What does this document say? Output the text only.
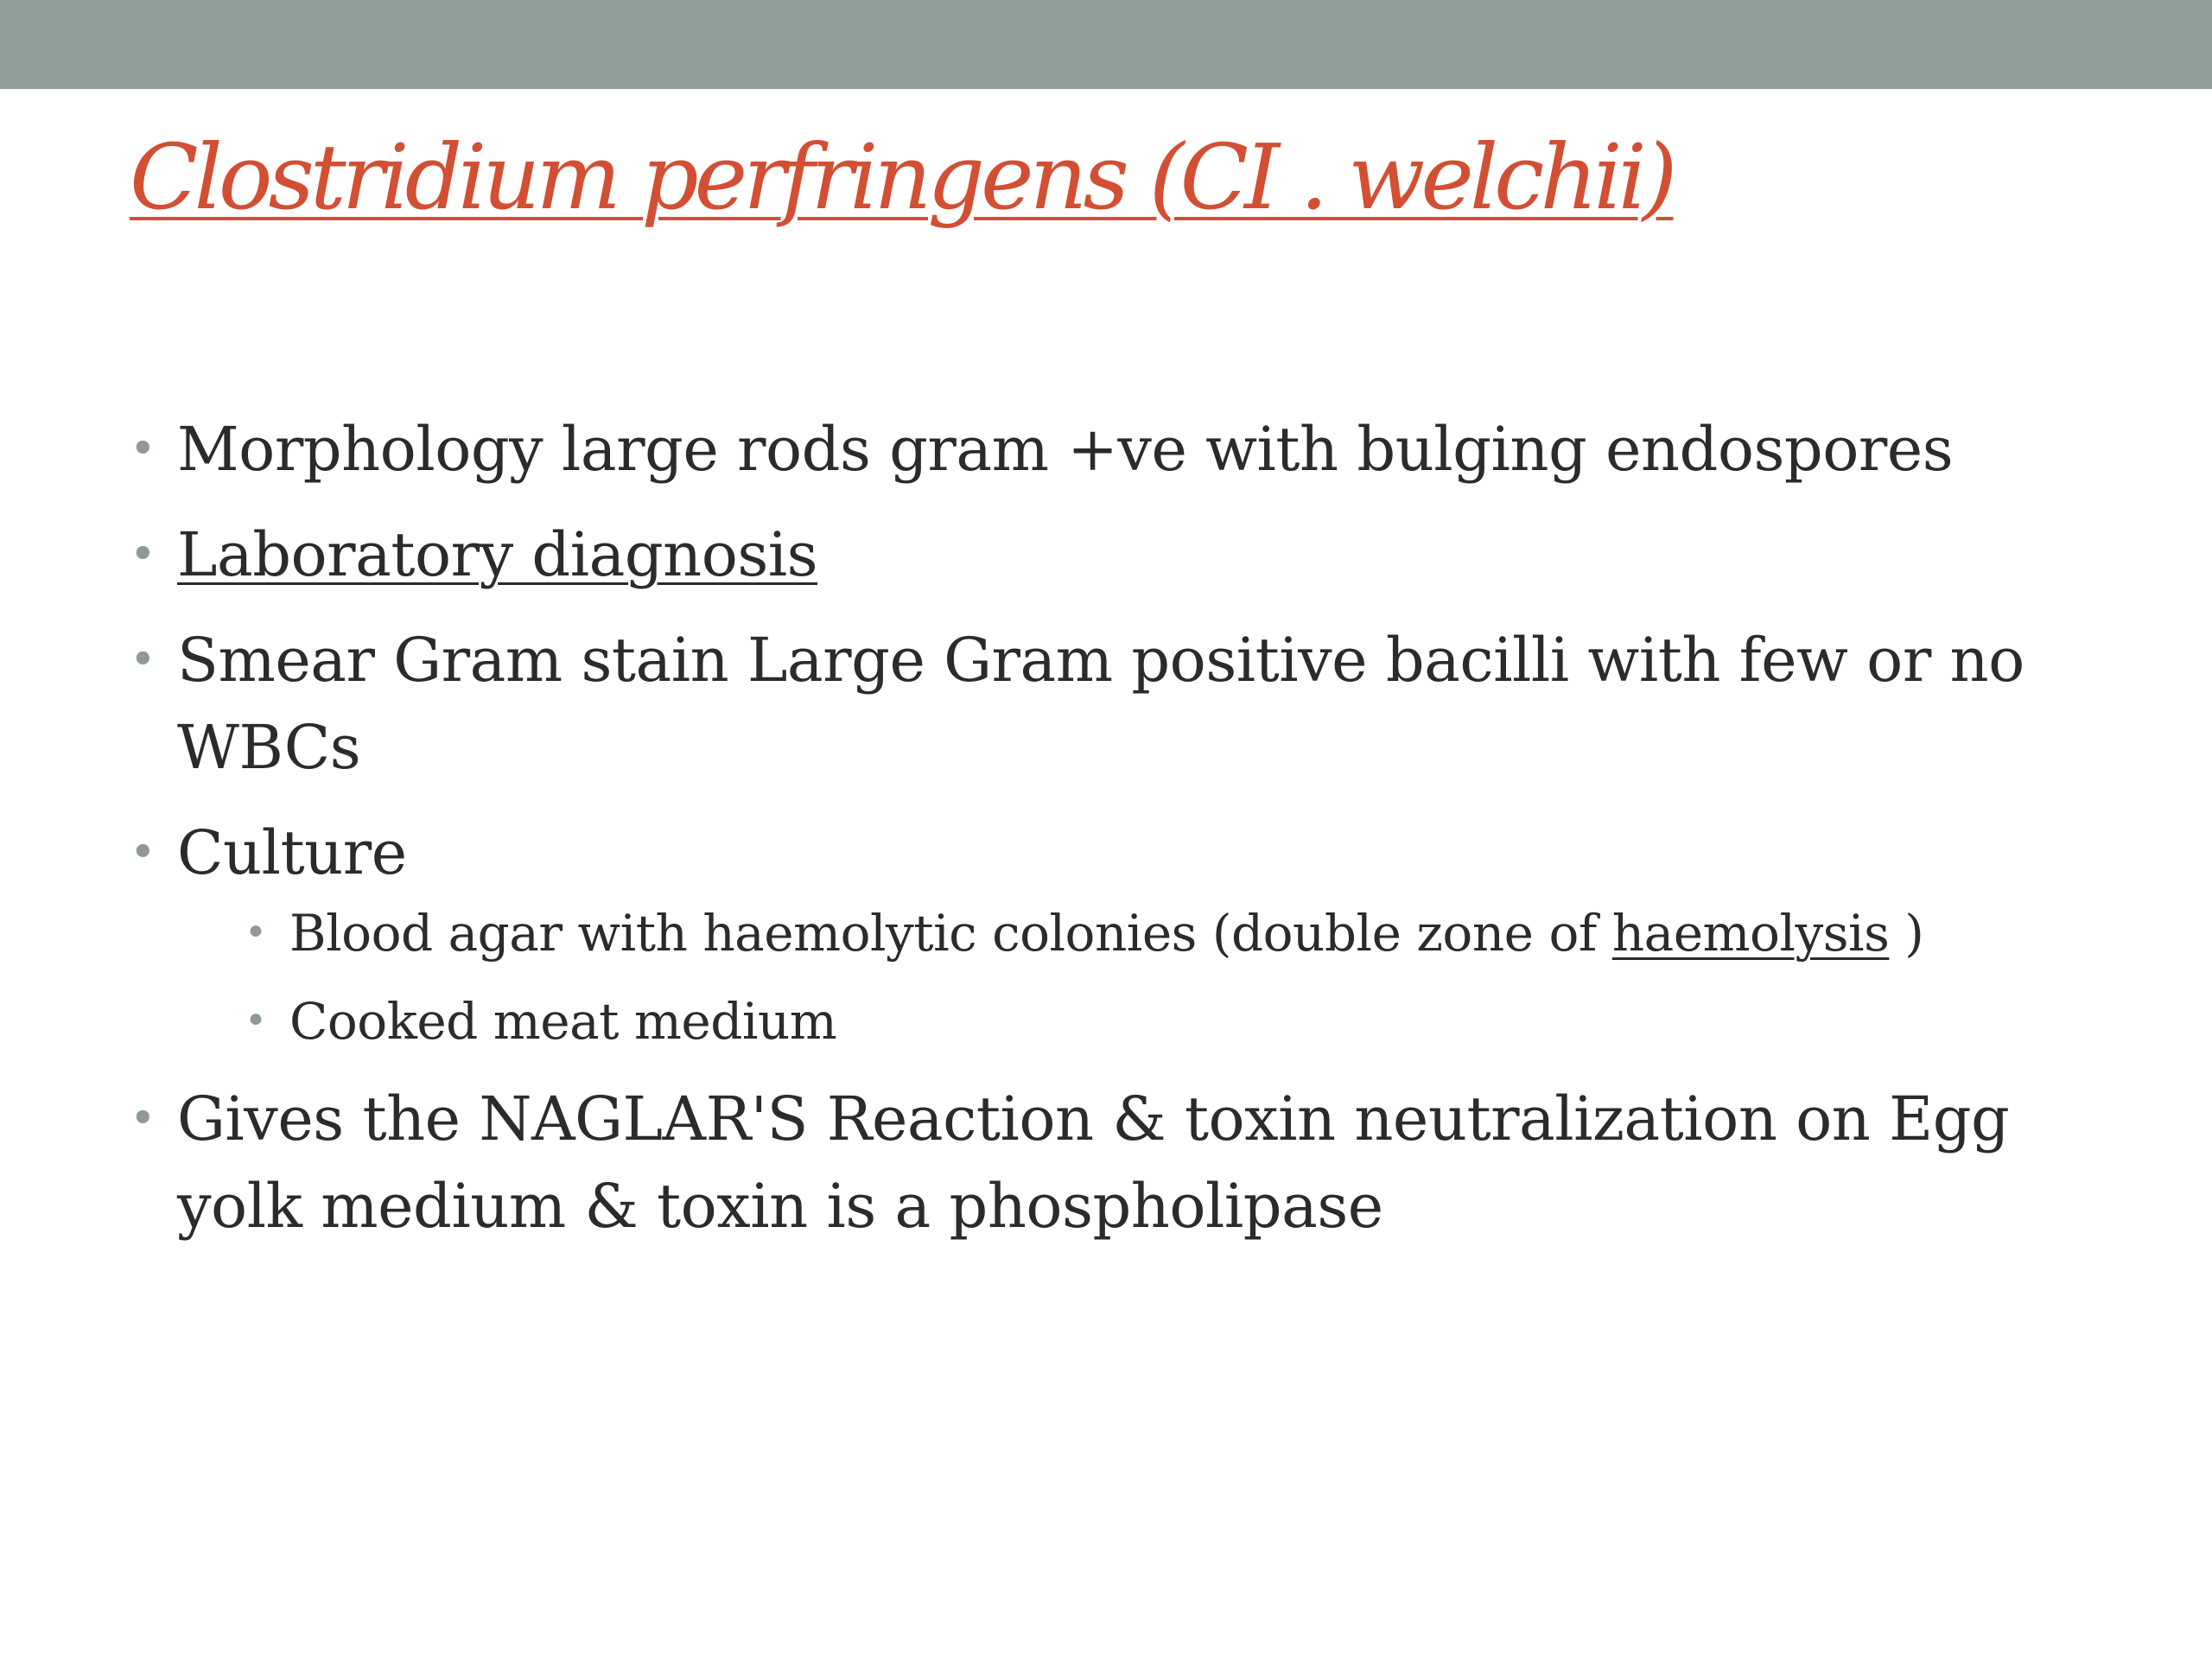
Clostridium perfringens (CI . welchii)
• Morphology large rods gram +ve with bulging endospores
• Laboratory diagnosis
• Smear Gram stain Large Gram positive bacilli with few or no WBCs
• Culture
• Blood agar with haemolytic colonies (double zone of haemolysis )
• Cooked meat medium
• Gives the NAGLAR'S Reaction & toxin neutralization on Egg yolk medium & toxin is a phospholipase
